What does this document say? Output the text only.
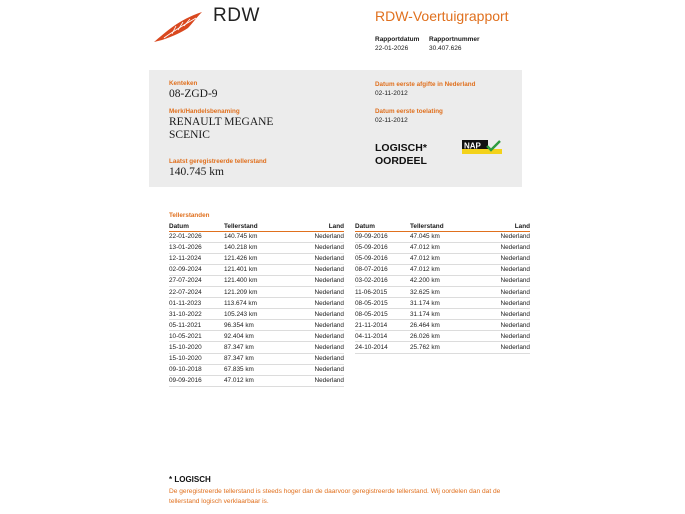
RDW	RDW-Voertuigrapport
Rapportdatum
22-01-2026
Rapportnummer
30.407.626
Kenteken
08-ZGD-9
Merk/Handelsbenaming
RENAULT MEGANE
SCENIC
Laatst geregistreerde tellerstand
140.745 km
Datum eerste afgifte in Nederland
02-11-2012
Datum eerste toelating
02-11-2012
LOGISCH*
OORDEEL
NAP
Tellerstanden
Datum	Tellerstand	Land
22-01-2026	140.745 km	Nederland
13-01-2026	140.218 km	Nederland
12-11-2024	121.426 km	Nederland
02-09-2024	121.401 km	Nederland
27-07-2024	121.400 km	Nederland
22-07-2024	121.209 km	Nederland
01-11-2023	113.674 km	Nederland
31-10-2022	105.243 km	Nederland
05-11-2021	96.354 km	Nederland
10-05-2021	92.404 km	Nederland
15-10-2020	87.347 km	Nederland
15-10-2020	87.347 km	Nederland
09-10-2018	67.835 km	Nederland
09-09-2016	47.012 km	Nederland
Datum	Tellerstand	Land
09-09-2016	47.045 km	Nederland
05-09-2016	47.012 km	Nederland
05-09-2016	47.012 km	Nederland
08-07-2016	47.012 km	Nederland
03-02-2016	42.200 km	Nederland
11-06-2015	32.625 km	Nederland
08-05-2015	31.174 km	Nederland
08-05-2015	31.174 km	Nederland
21-11-2014	26.464 km	Nederland
04-11-2014	26.026 km	Nederland
24-10-2014	25.762 km	Nederland
* LOGISCH
De geregistreerde tellerstand is steeds hoger dan de daarvoor geregistreerde tellerstand. Wij oordelen dan dat de tellerstand logisch verklaarbaar is.
